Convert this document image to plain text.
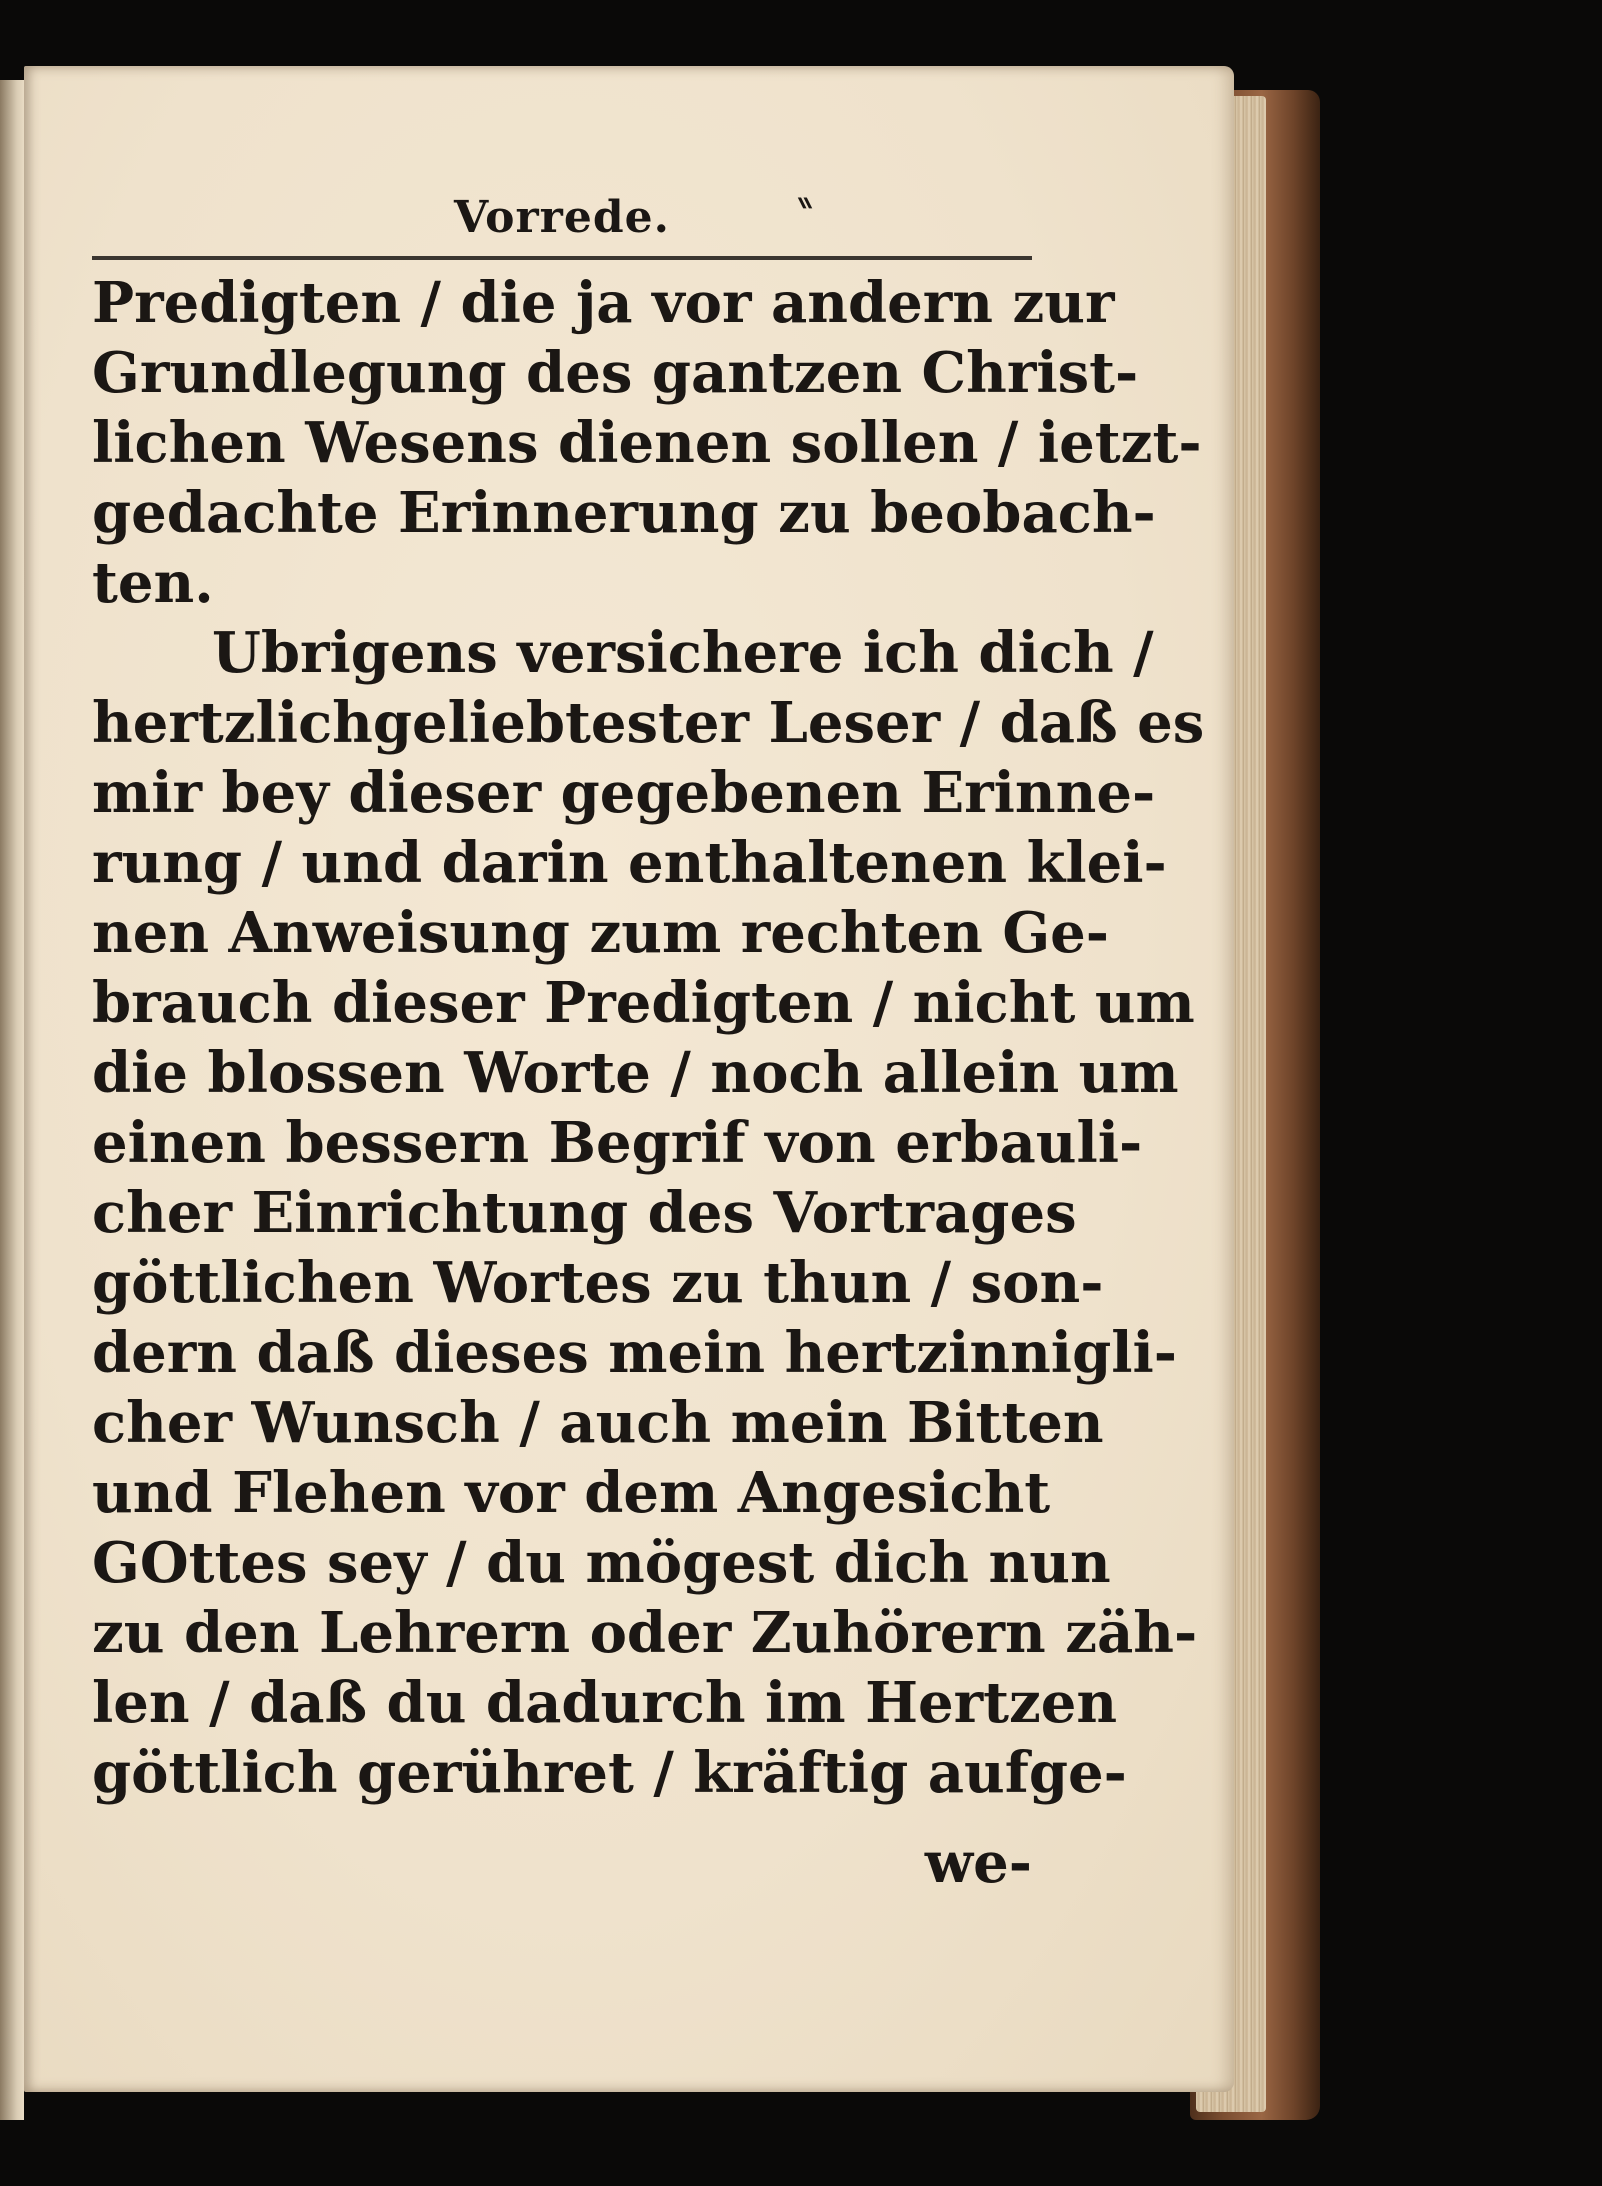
Vorrede.	⸗
Predigten / die ja vor andern zur
Grundlegung des gantzen Christ-
lichen Wesens dienen sollen / ietzt-
gedachte Erinnerung zu beobach-
ten.
Ubrigens versichere ich dich /
hertzlichgeliebtester Leser / daß es
mir bey dieser gegebenen Erinne-
rung / und darin enthaltenen klei-
nen Anweisung zum rechten Ge-
brauch dieser Predigten / nicht um
die blossen Worte / noch allein um
einen bessern Begrif von erbauli-
cher Einrichtung des Vortrages
göttlichen Wortes zu thun / son-
dern daß dieses mein hertzinnigli-
cher Wunsch / auch mein Bitten
und Flehen vor dem Angesicht
GOttes sey / du mögest dich nun
zu den Lehrern oder Zuhörern zäh-
len / daß du dadurch im Hertzen
göttlich gerühret / kräftig aufge-
we-
